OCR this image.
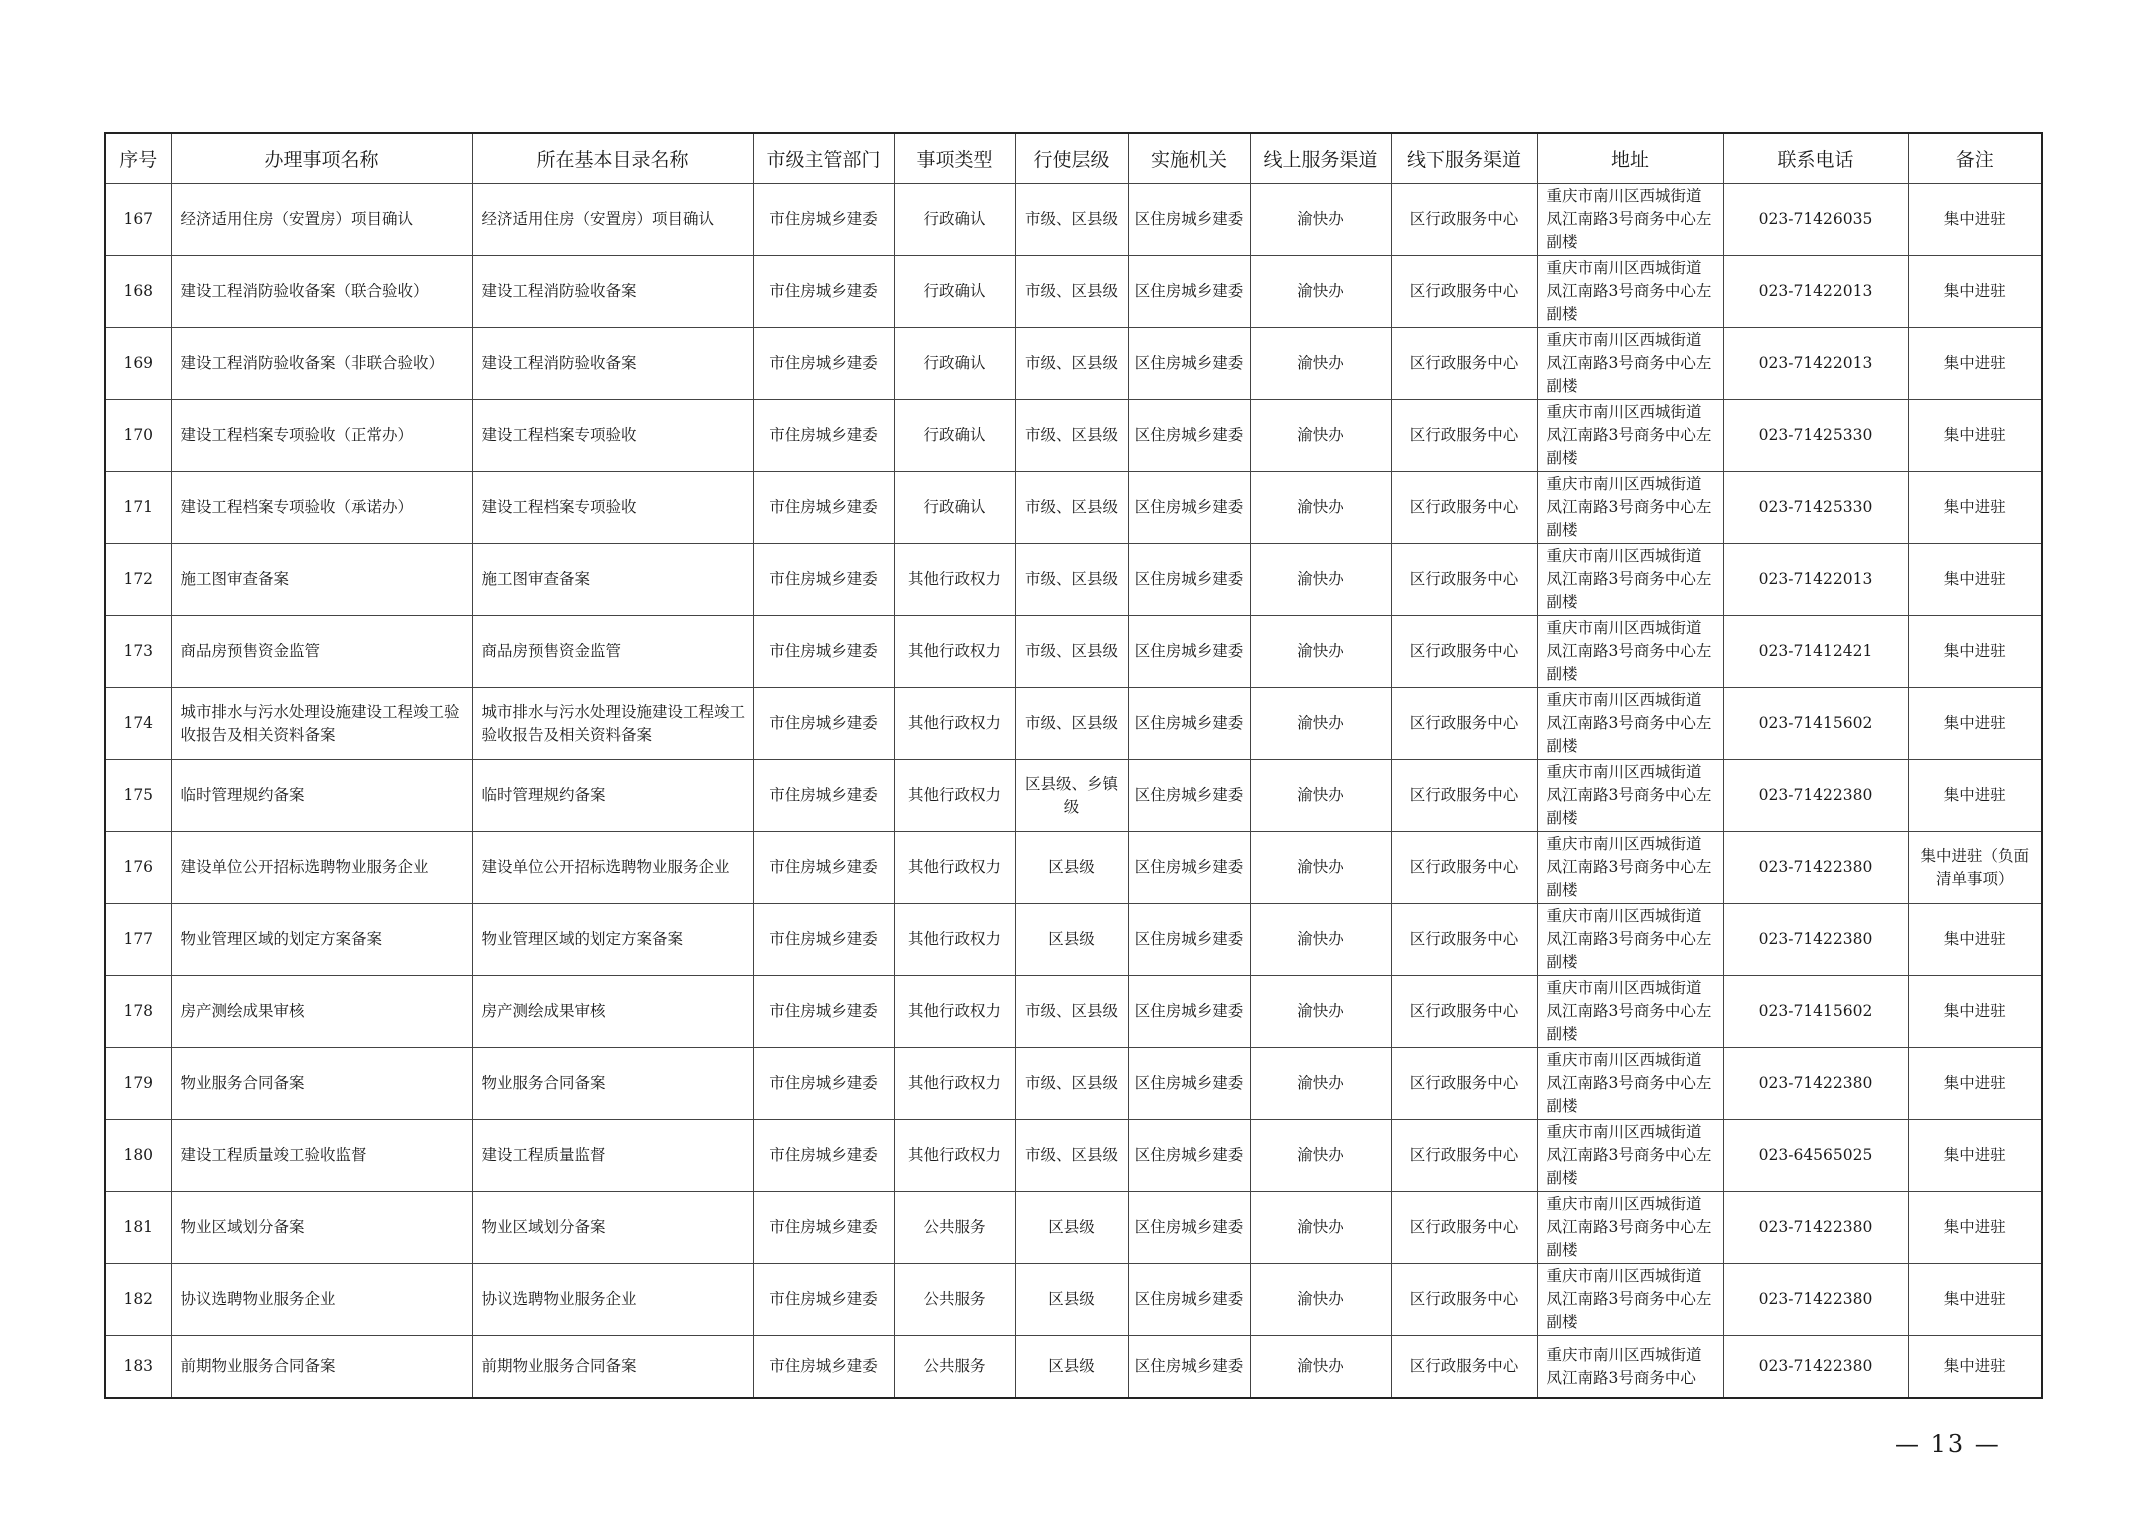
序号	办理事项名称	所在基本目录名称	市级主管部门	事项类型	行使层级	实施机关	线上服务渠道	线下服务渠道	地址	联系电话	备注
167	经济适用住房（安置房）项目确认	经济适用住房（安置房）项目确认	市住房城乡建委	行政确认	市级、区县级	区住房城乡建委	渝快办	区行政服务中心	重庆市南川区西城街道凤江南路3号商务中心左副楼	023-71426035	集中进驻
168	建设工程消防验收备案（联合验收）	建设工程消防验收备案	市住房城乡建委	行政确认	市级、区县级	区住房城乡建委	渝快办	区行政服务中心	重庆市南川区西城街道凤江南路3号商务中心左副楼	023-71422013	集中进驻
169	建设工程消防验收备案（非联合验收）	建设工程消防验收备案	市住房城乡建委	行政确认	市级、区县级	区住房城乡建委	渝快办	区行政服务中心	重庆市南川区西城街道凤江南路3号商务中心左副楼	023-71422013	集中进驻
170	建设工程档案专项验收（正常办）	建设工程档案专项验收	市住房城乡建委	行政确认	市级、区县级	区住房城乡建委	渝快办	区行政服务中心	重庆市南川区西城街道凤江南路3号商务中心左副楼	023-71425330	集中进驻
171	建设工程档案专项验收（承诺办）	建设工程档案专项验收	市住房城乡建委	行政确认	市级、区县级	区住房城乡建委	渝快办	区行政服务中心	重庆市南川区西城街道凤江南路3号商务中心左副楼	023-71425330	集中进驻
172	施工图审查备案	施工图审查备案	市住房城乡建委	其他行政权力	市级、区县级	区住房城乡建委	渝快办	区行政服务中心	重庆市南川区西城街道凤江南路3号商务中心左副楼	023-71422013	集中进驻
173	商品房预售资金监管	商品房预售资金监管	市住房城乡建委	其他行政权力	市级、区县级	区住房城乡建委	渝快办	区行政服务中心	重庆市南川区西城街道凤江南路3号商务中心左副楼	023-71412421	集中进驻
174	城市排水与污水处理设施建设工程竣工验收报告及相关资料备案	城市排水与污水处理设施建设工程竣工验收报告及相关资料备案	市住房城乡建委	其他行政权力	市级、区县级	区住房城乡建委	渝快办	区行政服务中心	重庆市南川区西城街道凤江南路3号商务中心左副楼	023-71415602	集中进驻
175	临时管理规约备案	临时管理规约备案	市住房城乡建委	其他行政权力	区县级、乡镇级	区住房城乡建委	渝快办	区行政服务中心	重庆市南川区西城街道凤江南路3号商务中心左副楼	023-71422380	集中进驻
176	建设单位公开招标选聘物业服务企业	建设单位公开招标选聘物业服务企业	市住房城乡建委	其他行政权力	区县级	区住房城乡建委	渝快办	区行政服务中心	重庆市南川区西城街道凤江南路3号商务中心左副楼	023-71422380	集中进驻（负面清单事项）
177	物业管理区域的划定方案备案	物业管理区域的划定方案备案	市住房城乡建委	其他行政权力	区县级	区住房城乡建委	渝快办	区行政服务中心	重庆市南川区西城街道凤江南路3号商务中心左副楼	023-71422380	集中进驻
178	房产测绘成果审核	房产测绘成果审核	市住房城乡建委	其他行政权力	市级、区县级	区住房城乡建委	渝快办	区行政服务中心	重庆市南川区西城街道凤江南路3号商务中心左副楼	023-71415602	集中进驻
179	物业服务合同备案	物业服务合同备案	市住房城乡建委	其他行政权力	市级、区县级	区住房城乡建委	渝快办	区行政服务中心	重庆市南川区西城街道凤江南路3号商务中心左副楼	023-71422380	集中进驻
180	建设工程质量竣工验收监督	建设工程质量监督	市住房城乡建委	其他行政权力	市级、区县级	区住房城乡建委	渝快办	区行政服务中心	重庆市南川区西城街道凤江南路3号商务中心左副楼	023-64565025	集中进驻
181	物业区域划分备案	物业区域划分备案	市住房城乡建委	公共服务	区县级	区住房城乡建委	渝快办	区行政服务中心	重庆市南川区西城街道凤江南路3号商务中心左副楼	023-71422380	集中进驻
182	协议选聘物业服务企业	协议选聘物业服务企业	市住房城乡建委	公共服务	区县级	区住房城乡建委	渝快办	区行政服务中心	重庆市南川区西城街道凤江南路3号商务中心左副楼	023-71422380	集中进驻
183	前期物业服务合同备案	前期物业服务合同备案	市住房城乡建委	公共服务	区县级	区住房城乡建委	渝快办	区行政服务中心	重庆市南川区西城街道凤江南路3号商务中心	023-71422380	集中进驻
— 13 —
